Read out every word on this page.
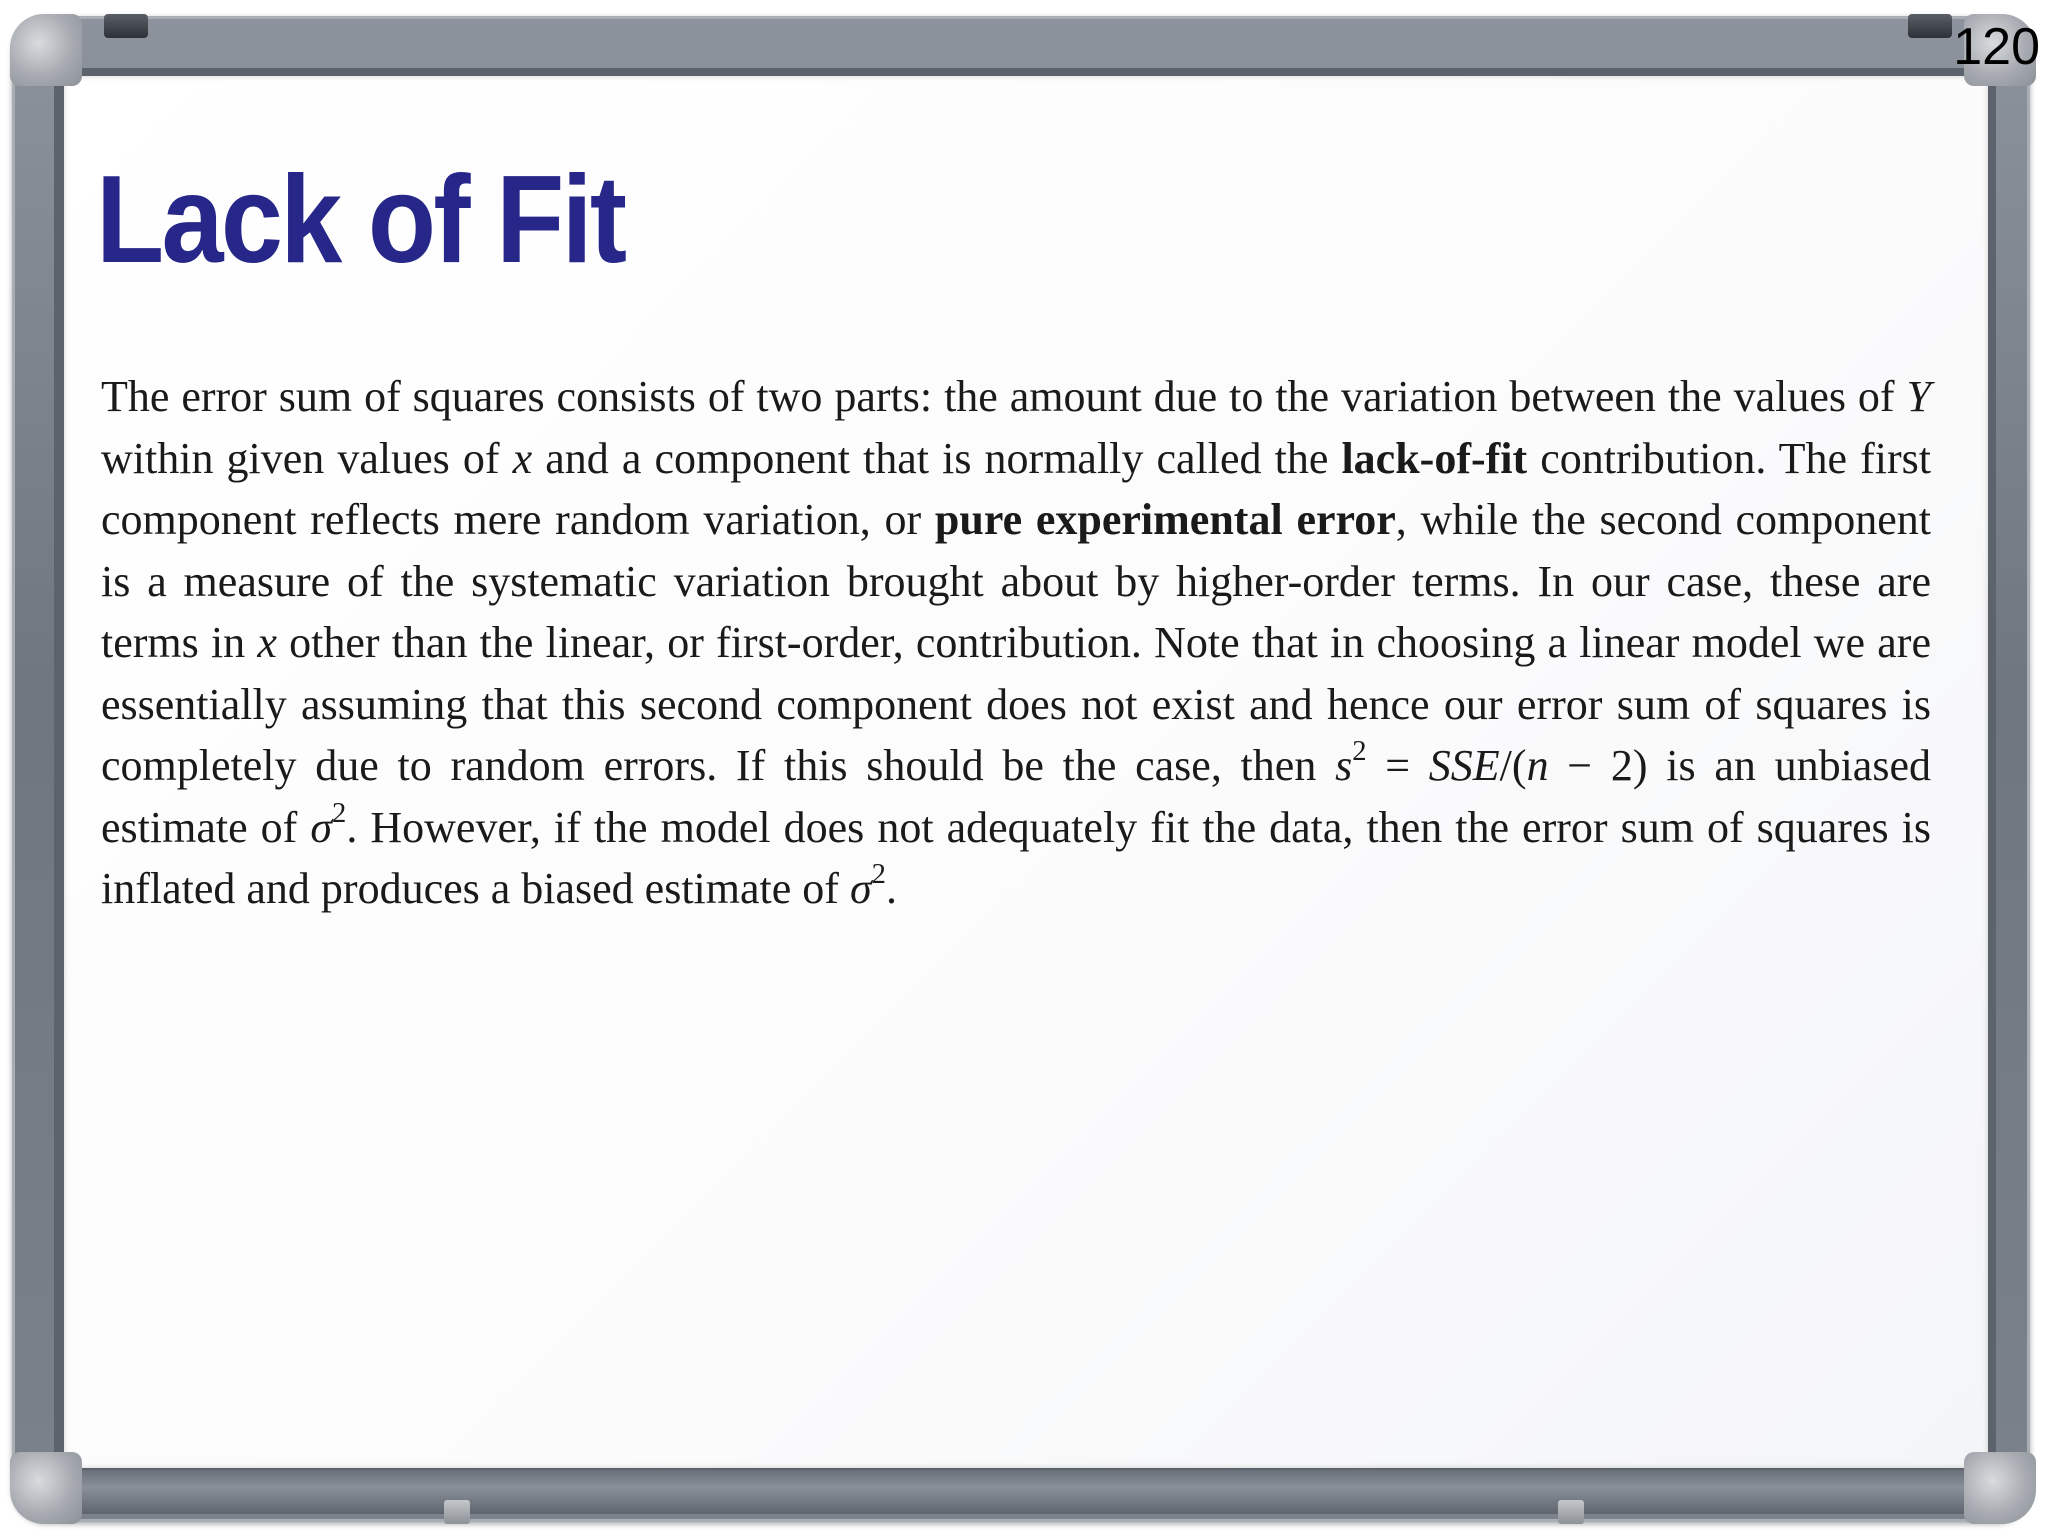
120
Lack of Fit

The error sum of squares consists of two parts: the amount due to the variation between the values of Y within given values of x and a component that is normally called the lack-of-fit contribution. The first component reflects mere random variation, or pure experimental error, while the second component is a measure of the systematic variation brought about by higher-order terms. In our case, these are terms in x other than the linear, or first-order, contribution. Note that in choosing a linear model we are essentially assuming that this second component does not exist and hence our error sum of squares is completely due to random errors. If this should be the case, then $s^2 = SSE/(n - 2)$ is an unbiased estimate of $\sigma^2$. However, if the model does not adequately fit the data, then the error sum of squares is inflated and produces a biased estimate of $\sigma^2$.
